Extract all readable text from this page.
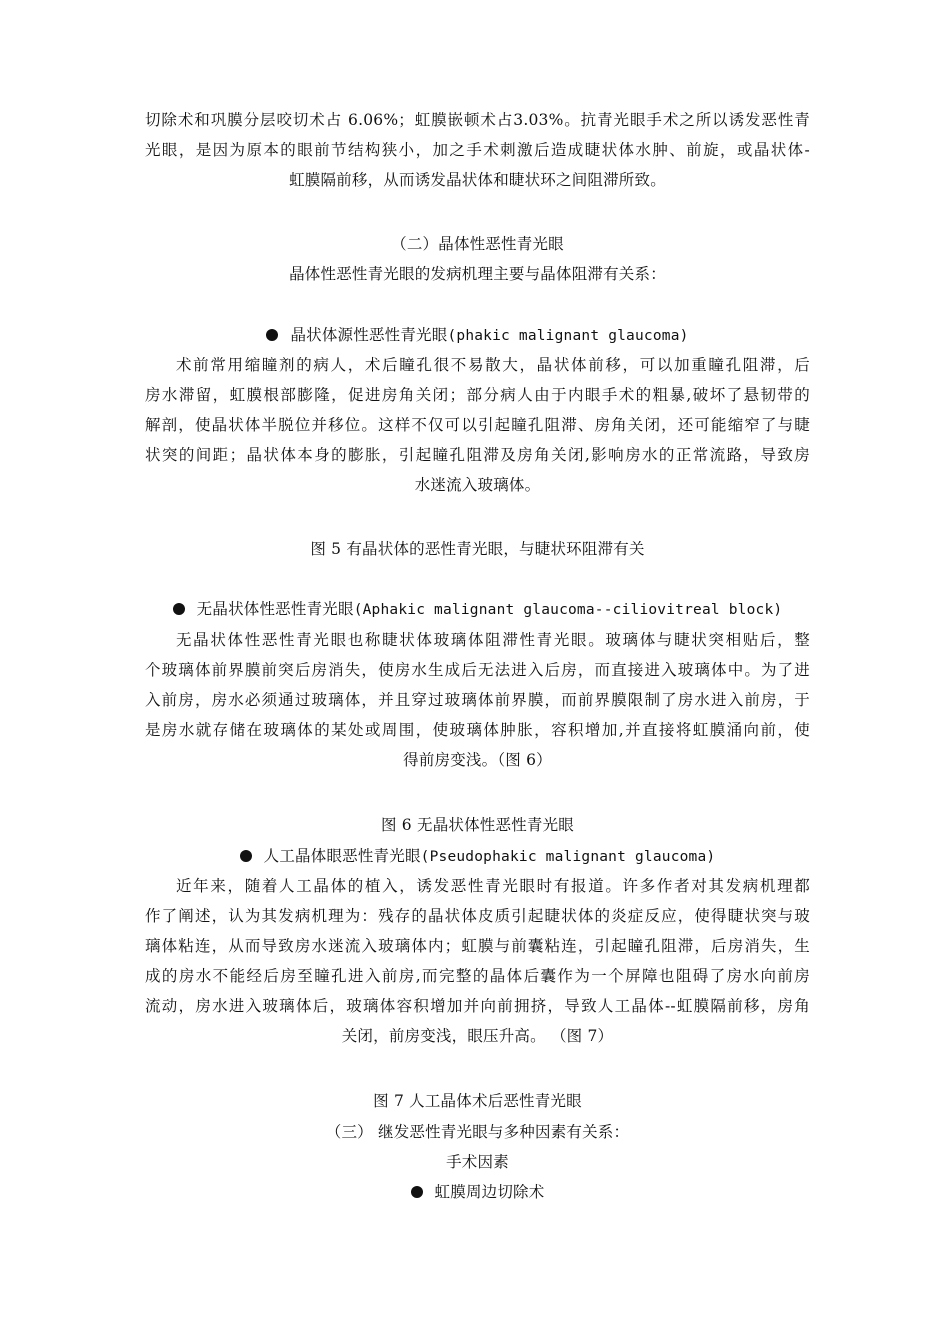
切除术和巩膜分层咬切术占 6.06%；虹膜嵌顿术占3.03%。抗青光眼手术之所以诱发恶性青
光眼，是因为原本的眼前节结构狭小，加之手术刺激后造成睫状体水肿、前旋，或晶状体-
虹膜隔前移，从而诱发晶状体和睫状环之间阻滞所致。
（二）晶体性恶性青光眼
晶体性恶性青光眼的发病机理主要与晶体阻滞有关系：
晶状体源性恶性青光眼(phakic malignant glaucoma)
术前常用缩瞳剂的病人，术后瞳孔很不易散大，晶状体前移，可以加重瞳孔阻滞，后
房水滞留，虹膜根部膨隆，促进房角关闭；部分病人由于内眼手术的粗暴,破坏了悬韧带的
解剖，使晶状体半脱位并移位。这样不仅可以引起瞳孔阻滞、房角关闭，还可能缩窄了与睫
状突的间距；晶状体本身的膨胀，引起瞳孔阻滞及房角关闭,影响房水的正常流路，导致房
水迷流入玻璃体。
图 5 有晶状体的恶性青光眼，与睫状环阻滞有关
无晶状体性恶性青光眼(Aphakic malignant glaucoma--ciliovitreal block)
无晶状体性恶性青光眼也称睫状体玻璃体阻滞性青光眼。玻璃体与睫状突相贴后，整
个玻璃体前界膜前突后房消失，使房水生成后无法进入后房，而直接进入玻璃体中。为了进
入前房，房水必须通过玻璃体，并且穿过玻璃体前界膜，而前界膜限制了房水进入前房，于
是房水就存储在玻璃体的某处或周围，使玻璃体肿胀，容积增加,并直接将虹膜涌向前，使
得前房变浅。（图 6）
图 6 无晶状体性恶性青光眼
人工晶体眼恶性青光眼(Pseudophakic malignant glaucoma)
近年来，随着人工晶体的植入，诱发恶性青光眼时有报道。许多作者对其发病机理都
作了阐述，认为其发病机理为：残存的晶状体皮质引起睫状体的炎症反应，使得睫状突与玻
璃体粘连，从而导致房水迷流入玻璃体内；虹膜与前囊粘连，引起瞳孔阻滞，后房消失，生
成的房水不能经后房至瞳孔进入前房,而完整的晶体后囊作为一个屏障也阻碍了房水向前房
流动，房水进入玻璃体后，玻璃体容积增加并向前拥挤，导致人工晶体--虹膜隔前移，房角
关闭，前房变浅，眼压升高。 （图 7）
图 7 人工晶体术后恶性青光眼
（三） 继发恶性青光眼与多种因素有关系：
手术因素
虹膜周边切除术
